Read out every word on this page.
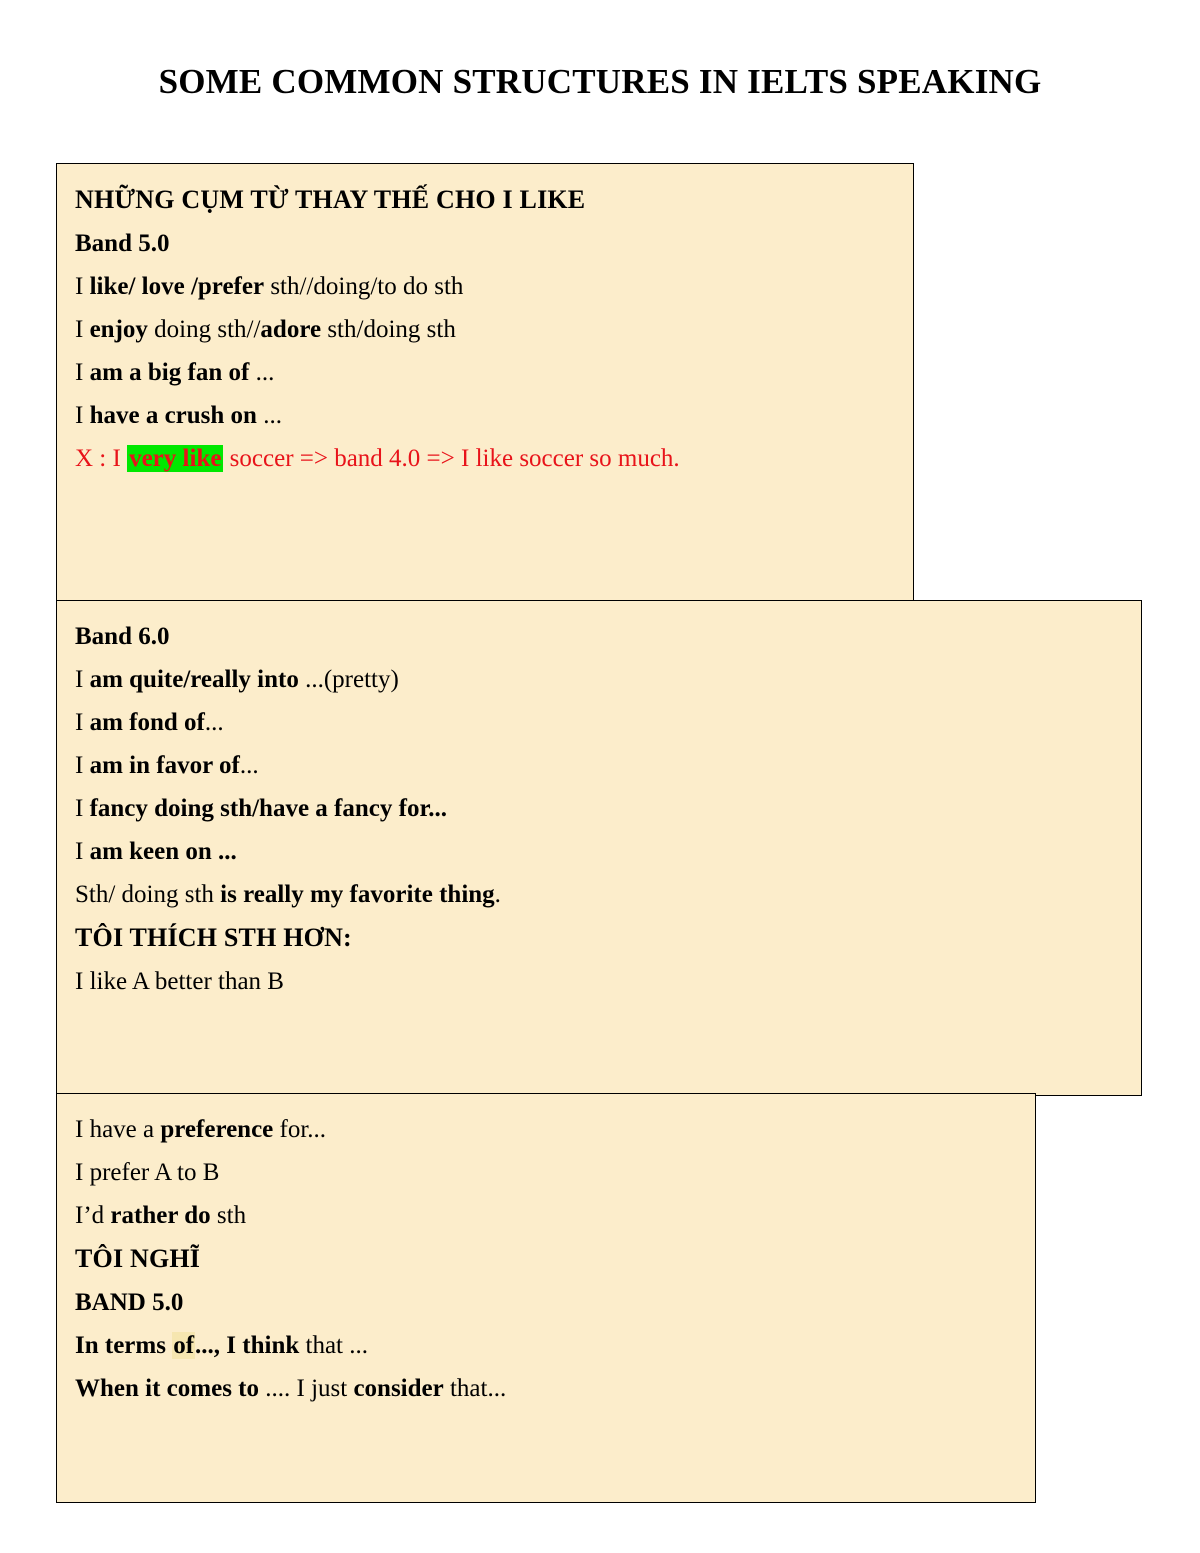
SOME COMMON STRUCTURES IN IELTS SPEAKING
NHỮNG CỤM TỪ THAY THẾ CHO I LIKE
Band 5.0
I like/ love /prefer sth//doing/to do sth
I enjoy doing sth//adore sth/doing sth
I am a big fan of ...
I have a crush on ...
X : I very like soccer => band 4.0 => I like soccer so much.
Band 6.0
I am quite/really into ...(pretty)
I am fond of...
I am in favor of...
I fancy doing sth/have a fancy for...
I am keen on ...
Sth/ doing sth is really my favorite thing.
TÔI THÍCH STH HƠN:
I like A better than B
I have a preference for...
I prefer A to B
I’d rather do sth
TÔI NGHĨ
BAND 5.0
In terms of..., I think that ...
When it comes to .... I just consider that...
